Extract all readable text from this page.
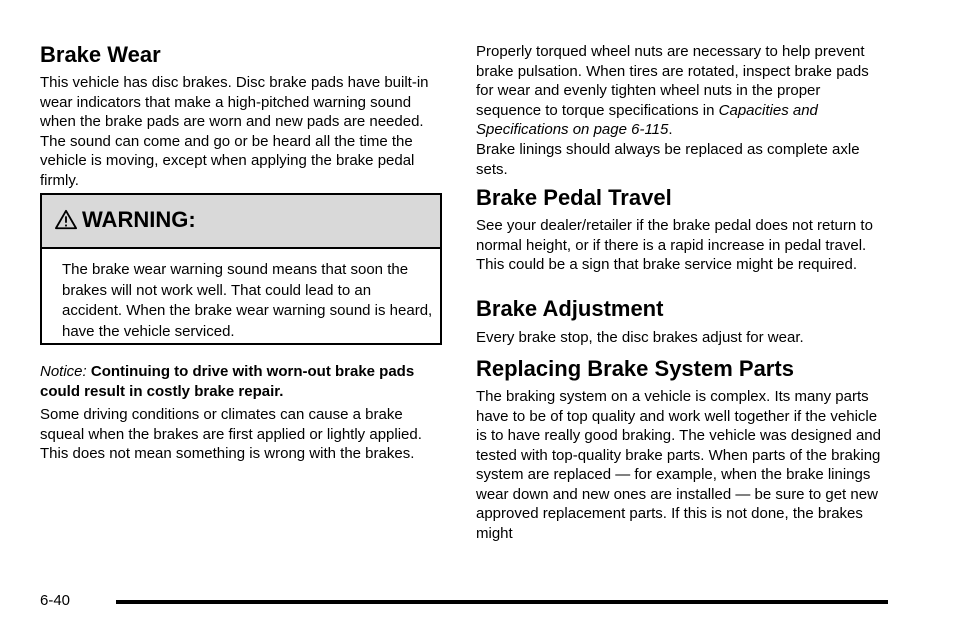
Brake Wear

This vehicle has disc brakes. Disc brake pads have built-in wear indicators that make a high-pitched warning sound when the brake pads are worn and new pads are needed. The sound can come and go or be heard all the time the vehicle is moving, except when applying the brake pedal firmly.

WARNING:
The brake wear warning sound means that soon the brakes will not work well. That could lead to an accident. When the brake wear warning sound is heard, have the vehicle serviced.

Notice: Continuing to drive with worn-out brake pads could result in costly brake repair.

Some driving conditions or climates can cause a brake squeal when the brakes are first applied or lightly applied. This does not mean something is wrong with the brakes.

Properly torqued wheel nuts are necessary to help prevent brake pulsation. When tires are rotated, inspect brake pads for wear and evenly tighten wheel nuts in the proper sequence to torque specifications in Capacities and Specifications on page 6-115.

Brake linings should always be replaced as complete axle sets.

Brake Pedal Travel

See your dealer/retailer if the brake pedal does not return to normal height, or if there is a rapid increase in pedal travel. This could be a sign that brake service might be required.

Brake Adjustment

Every brake stop, the disc brakes adjust for wear.

Replacing Brake System Parts

The braking system on a vehicle is complex. Its many parts have to be of top quality and work well together if the vehicle is to have really good braking. The vehicle was designed and tested with top-quality brake parts. When parts of the braking system are replaced — for example, when the brake linings wear down and new ones are installed — be sure to get new approved replacement parts. If this is not done, the brakes might

6-40
